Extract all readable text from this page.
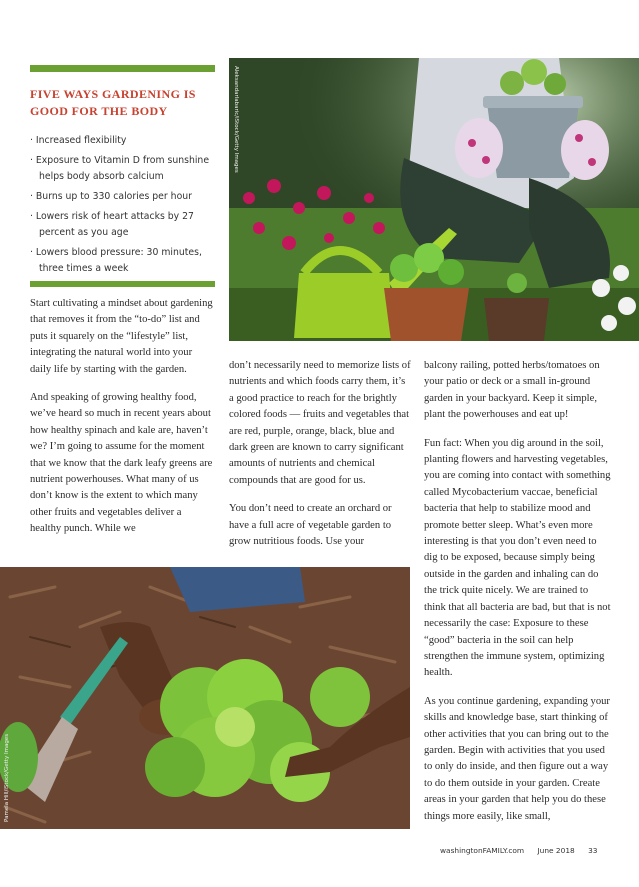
FIVE WAYS GARDENING IS GOOD FOR THE BODY
· Increased flexibility
· Exposure to Vitamin D from sunshine helps body absorb calcium
· Burns up to 330 calories per hour
· Lowers risk of heart attacks by 27 percent as you age
· Lowers blood pressure: 30 minutes, three times a week
Aleksandarlabaric/iStock/Getty Images

Start cultivating a mindset about gardening that removes it from the “to-do” list and puts it squarely on the “lifestyle” list, integrating the natural world into your daily life by starting with the garden.

And speaking of growing healthy food, we’ve heard so much in recent years about how healthy spinach and kale are, haven’t we? I’m going to assume for the moment that we know that the dark leafy greens are nutrient powerhouses. What many of us don’t know is the extent to which many other fruits and vegetables deliver a healthy punch. While we

don’t necessarily need to memorize lists of nutrients and which foods carry them, it’s a good practice to reach for the brightly colored foods — fruits and vegetables that are red, purple, orange, black, blue and dark green are known to carry significant amounts of nutrients and chemical compounds that are good for us.

You don’t need to create an orchard or have a full acre of vegetable garden to grow nutritious foods. Use your

balcony railing, potted herbs/tomatoes on your patio or deck or a small in-ground garden in your backyard. Keep it simple, plant the powerhouses and eat up!

Fun fact: When you dig around in the soil, planting flowers and harvesting vegetables, you are coming into contact with something called Mycobacterium vaccae, beneficial bacteria that help to stabilize mood and promote better sleep. What’s even more interesting is that you don’t even need to dig to be exposed, because simply being outside in the garden and inhaling can do the trick quite nicely. We are trained to think that all bacteria are bad, but that is not necessarily the case: Exposure to these “good” bacteria in the soil can help strengthen the immune system, optimizing health.

As you continue gardening, expanding your skills and knowledge base, start thinking of other activities that you can bring out to the garden. Begin with activities that you used to only do inside, and then figure out a way to do them outside in your garden. Create areas in your garden that help you do these things more easily, like small,

Pamela Hill/iStock/Getty Images
washingtonFAMILY.com June 2018 33
